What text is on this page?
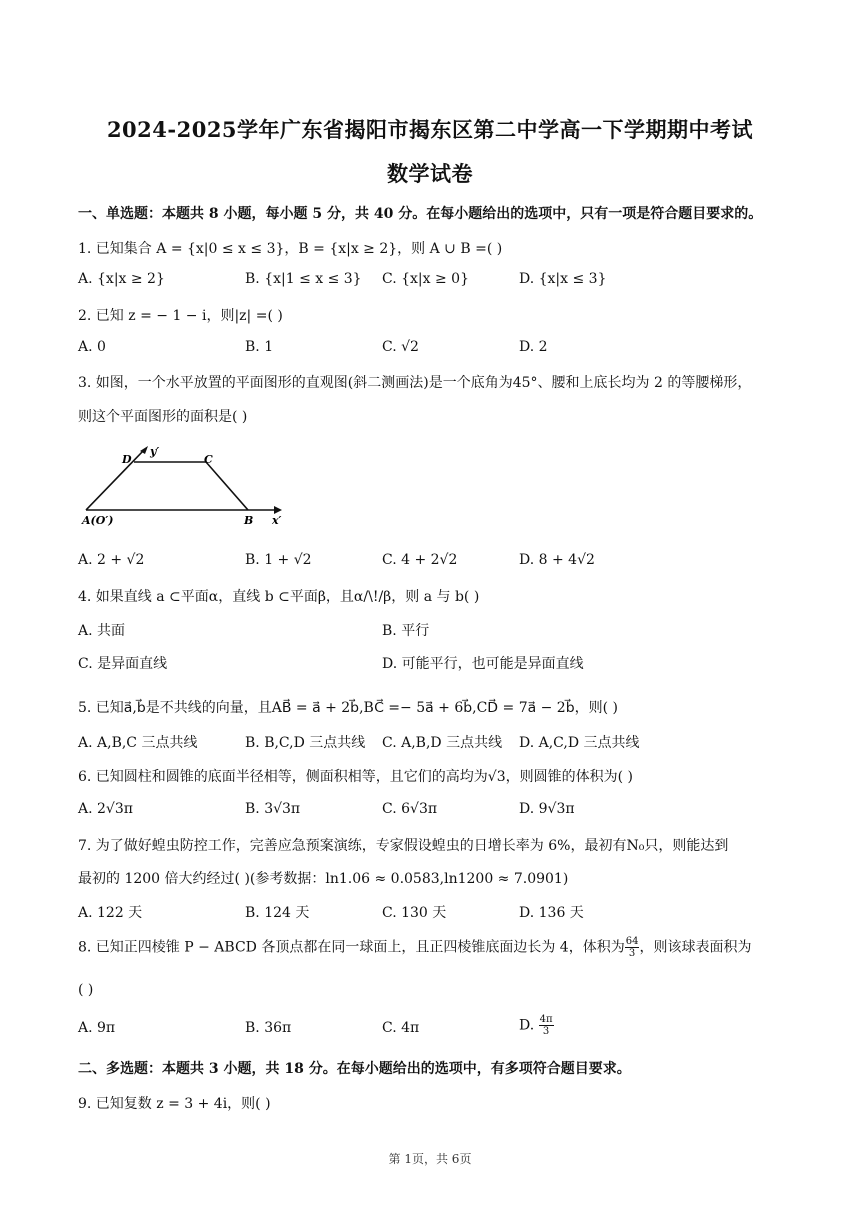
2024-2025学年广东省揭阳市揭东区第二中学高一下学期期中考试
数学试卷
一、单选题：本题共 8 小题，每小题 5 分，共 40 分。在每小题给出的选项中，只有一项是符合题目要求的。
1. 已知集合 A = {x|0 ≤ x ≤ 3}，B = {x|x ≥ 2}，则 A ∪ B =( )
A. {x|x ≥ 2}	B. {x|1 ≤ x ≤ 3} C. {x|x ≥ 0}	D. {x|x ≤ 3}
2. 已知 z = − 1 − i，则|z| =( )
A. 0	B. 1	C. √2	D. 2
3. 如图，一个水平放置的平面图形的直观图(斜二测画法)是一个底角为45°、腰和上底长均为 2 的等腰梯形，
则这个平面图形的面积是( )
D
y′
C
A(O′)	B x′
A. 2 + √2	B. 1 + √2	C. 4 + 2√2	D. 8 + 4√2
4. 如果直线 a ⊂平面α，直线 b ⊂平面β，且α/\!/β，则 a 与 b( )
A. 共面	B. 平行
C. 是异面直线	D. 可能平行，也可能是异面直线
5. 已知a⃗,b⃗是不共线的向量，且AB⃗ = a⃗ + 2b⃗,BC⃗ =− 5a⃗ + 6b⃗,CD⃗ = 7a⃗ − 2b⃗，则( )
A. A,B,C 三点共线	B. B,C,D 三点共线 C. A,B,D 三点共线 D. A,C,D 三点共线
6. 已知圆柱和圆锥的底面半径相等，侧面积相等，且它们的高均为√3，则圆锥的体积为( )
A. 2√3π	B. 3√3π	C. 6√3π	D. 9√3π
7. 为了做好蝗虫防控工作，完善应急预案演练，专家假设蝗虫的日增长率为 6%，最初有N₀只，则能达到
最初的 1200 倍大约经过( )(参考数据：ln1.06 ≈ 0.0583,ln1200 ≈ 7.0901)
A. 122 天	B. 124 天	C. 130 天	D. 136 天
8. 已知正四棱锥 P − ABCD 各顶点都在同一球面上，且正四棱锥底面边长为 4，体积为 $\frac{64}{3}$ ，则该球表面积为
( )
A. 9π	B. 36π	C. 4π	D. $\frac{4\pi}{3}$
二、多选题：本题共 3 小题，共 18 分。在每小题给出的选项中，有多项符合题目要求。
9. 已知复数 z = 3 + 4i，则( )
第 1页，共 6页
